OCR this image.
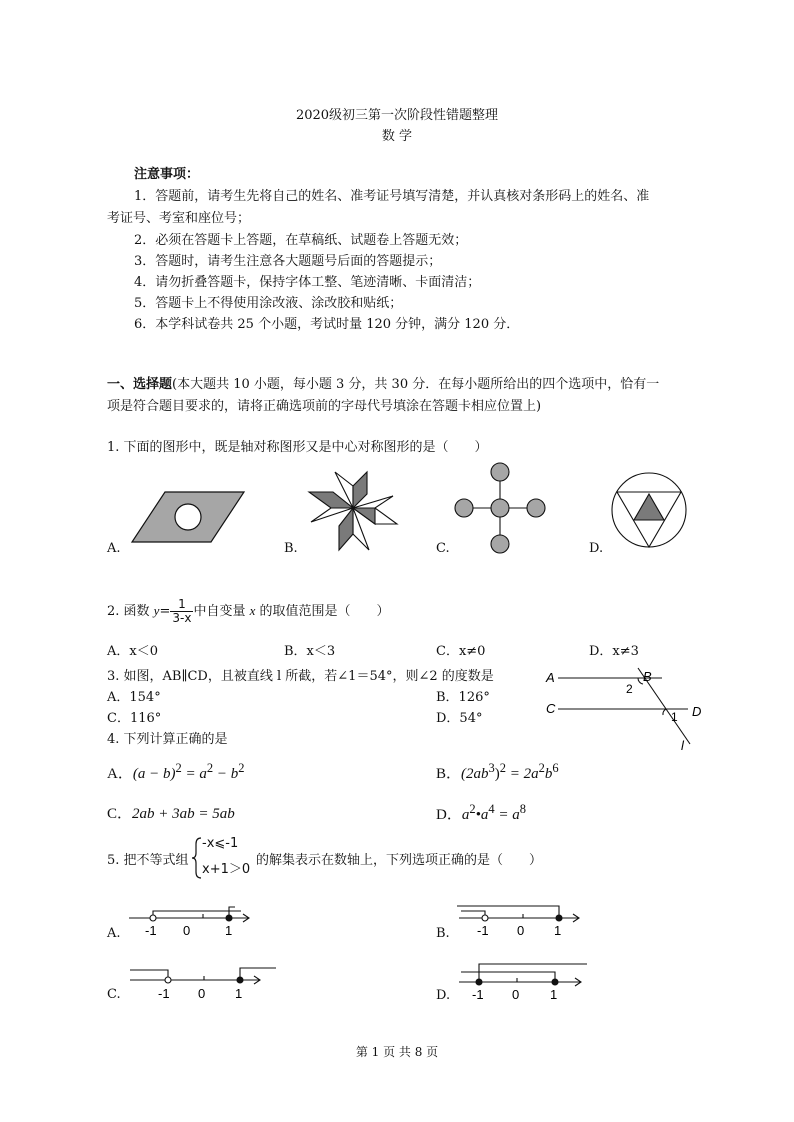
2020级初三第一次阶段性错题整理
数 学
注意事项：
1．答题前，请考生先将自己的姓名、准考证号填写清楚，并认真核对条形码上的姓名、准
考证号、考室和座位号；
2．必须在答题卡上答题，在草稿纸、试题卷上答题无效；
3．答题时，请考生注意各大题题号后面的答题提示；
4．请勿折叠答题卡，保持字体工整、笔迹清晰、卡面清洁；
5．答题卡上不得使用涂改液、涂改胶和贴纸；
6．本学科试卷共 25 个小题，考试时量 120 分钟，满分 120 分．
一、选择题(本大题共 10 小题，每小题 3 分，共 30 分．在每小题所给出的四个选项中，恰有一
项是符合题目要求的，请将正确选项前的字母代号填涂在答题卡相应位置上)
1. 下面的图形中，既是轴对称图形又是中心对称图形的是（　　）
A.	B.	C.	D.
2. 函数 $y= \frac{1}{3-x}$ 中自变量 x 的取值范围是（　　）
A．x＜0	B．x＜3	C．x≠0	D．x≠3
3. 如图，AB∥CD，且被直线 l 所截，若∠1＝54°，则∠2 的度数是
A．154°	B．126°
C．116°	D．54°
A	B
2
C
1 D
l
4. 下列计算正确的是
A．$(a - b)^2 = a^2 - b^2$	B．$(2ab^3)^2 = 2a^2b^6$
C．2ab + 3ab = 5ab	D．$a^2•a^4 = a^8$
5. 把不等式组
-x⩽-1
x+1＞0
的解集表示在数轴上，下列选项正确的是（　　）
A. -1 0	1	B. -1 0 1
C.	-1 0 1	D. -1 0 1
第 1 页 共 8 页
